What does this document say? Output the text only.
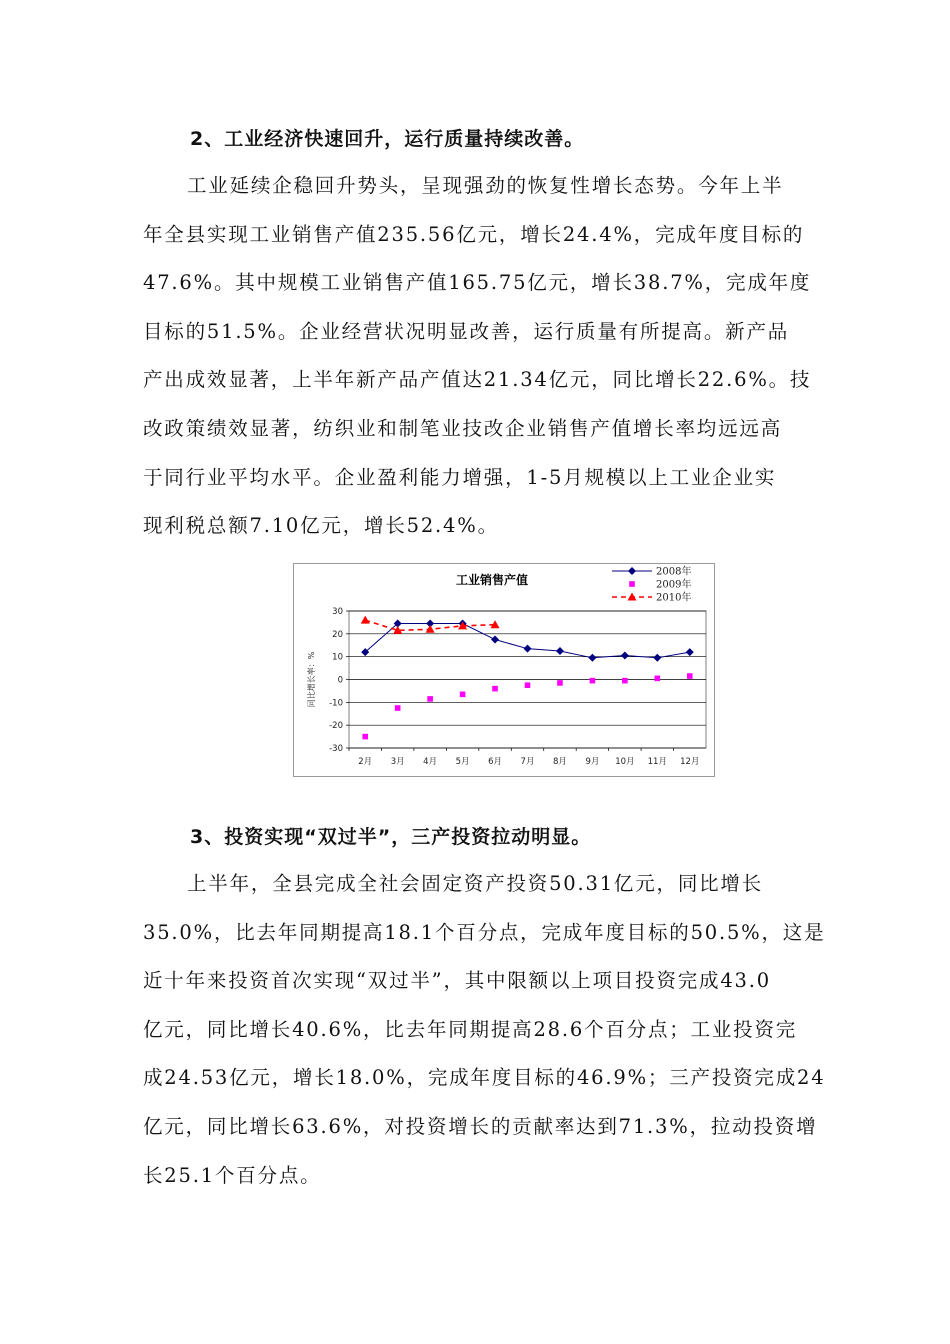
2、工业经济快速回升，运行质量持续改善。
工业延续企稳回升势头，呈现强劲的恢复性增长态势。今年上半
年全县实现工业销售产值235.56亿元，增长24.4%，完成年度目标的
47.6%。其中规模工业销售产值165.75亿元，增长38.7%，完成年度
目标的51.5%。企业经营状况明显改善，运行质量有所提高。新产品
产出成效显著，上半年新产品产值达21.34亿元，同比增长22.6%。技
改政策绩效显著，纺织业和制笔业技改企业销售产值增长率均远远高
于同行业平均水平。企业盈利能力增强，1-5月规模以上工业企业实
现利税总额7.10亿元，增长52.4%。
30
20
10
0
-10
-20
-30
2月 3月 4月 5月 6月 7月 8月 9月 10月 11月 12月
同比增长率：%
工业销售产值
2008年
2009年
2010年
3、投资实现“双过半”，三产投资拉动明显。
上半年，全县完成全社会固定资产投资50.31亿元，同比增长
35.0%，比去年同期提高18.1个百分点，完成年度目标的50.5%，这是
近十年来投资首次实现“双过半”，其中限额以上项目投资完成43.0
亿元，同比增长40.6%，比去年同期提高28.6个百分点；工业投资完
成24.53亿元，增长18.0%，完成年度目标的46.9%；三产投资完成24
亿元，同比增长63.6%，对投资增长的贡献率达到71.3%，拉动投资增
长25.1个百分点。
